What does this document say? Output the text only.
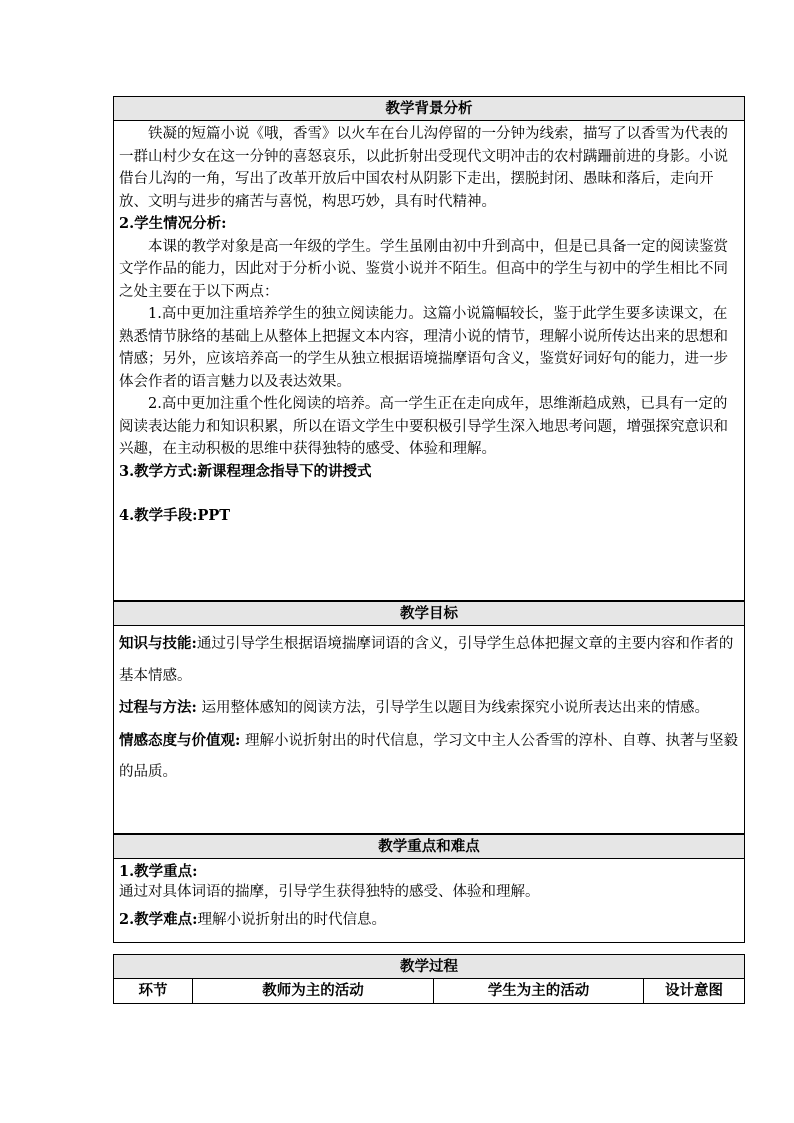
教学背景分析

铁凝的短篇小说《哦，香雪》以火车在台儿沟停留的一分钟为线索，描写了以香雪为代表的一群山村少女在这一分钟的喜怒哀乐，以此折射出受现代文明冲击的农村蹒跚前进的身影。小说借台儿沟的一角，写出了改革开放后中国农村从阴影下走出，摆脱封闭、愚昧和落后，走向开放、文明与进步的痛苦与喜悦，构思巧妙，具有时代精神。

2.学生情况分析:

本课的教学对象是高一年级的学生。学生虽刚由初中升到高中，但是已具备一定的阅读鉴赏文学作品的能力，因此对于分析小说、鉴赏小说并不陌生。但高中的学生与初中的学生相比不同之处主要在于以下两点：

1.高中更加注重培养学生的独立阅读能力。这篇小说篇幅较长，鉴于此学生要多读课文，在熟悉情节脉络的基础上从整体上把握文本内容，理清小说的情节，理解小说所传达出来的思想和情感；另外，应该培养高一的学生从独立根据语境揣摩语句含义，鉴赏好词好句的能力，进一步体会作者的语言魅力以及表达效果。

2.高中更加注重个性化阅读的培养。高一学生正在走向成年，思维渐趋成熟，已具有一定的阅读表达能力和知识积累，所以在语文学生中要积极引导学生深入地思考问题，增强探究意识和兴趣，在主动积极的思维中获得独特的感受、体验和理解。

3.教学方式:新课程理念指导下的讲授式

4.教学手段:PPT

教学目标

知识与技能:通过引导学生根据语境揣摩词语的含义，引导学生总体把握文章的主要内容和作者的基本情感。

过程与方法: 运用整体感知的阅读方法，引导学生以题目为线索探究小说所表达出来的情感。

情感态度与价值观: 理解小说折射出的时代信息，学习文中主人公香雪的淳朴、自尊、执著与坚毅的品质。

教学重点和难点

1.教学重点:

通过对具体词语的揣摩，引导学生获得独特的感受、体验和理解。

2.教学难点:理解小说折射出的时代信息。

教学过程
环节	教师为主的活动	学生为主的活动	设计意图
